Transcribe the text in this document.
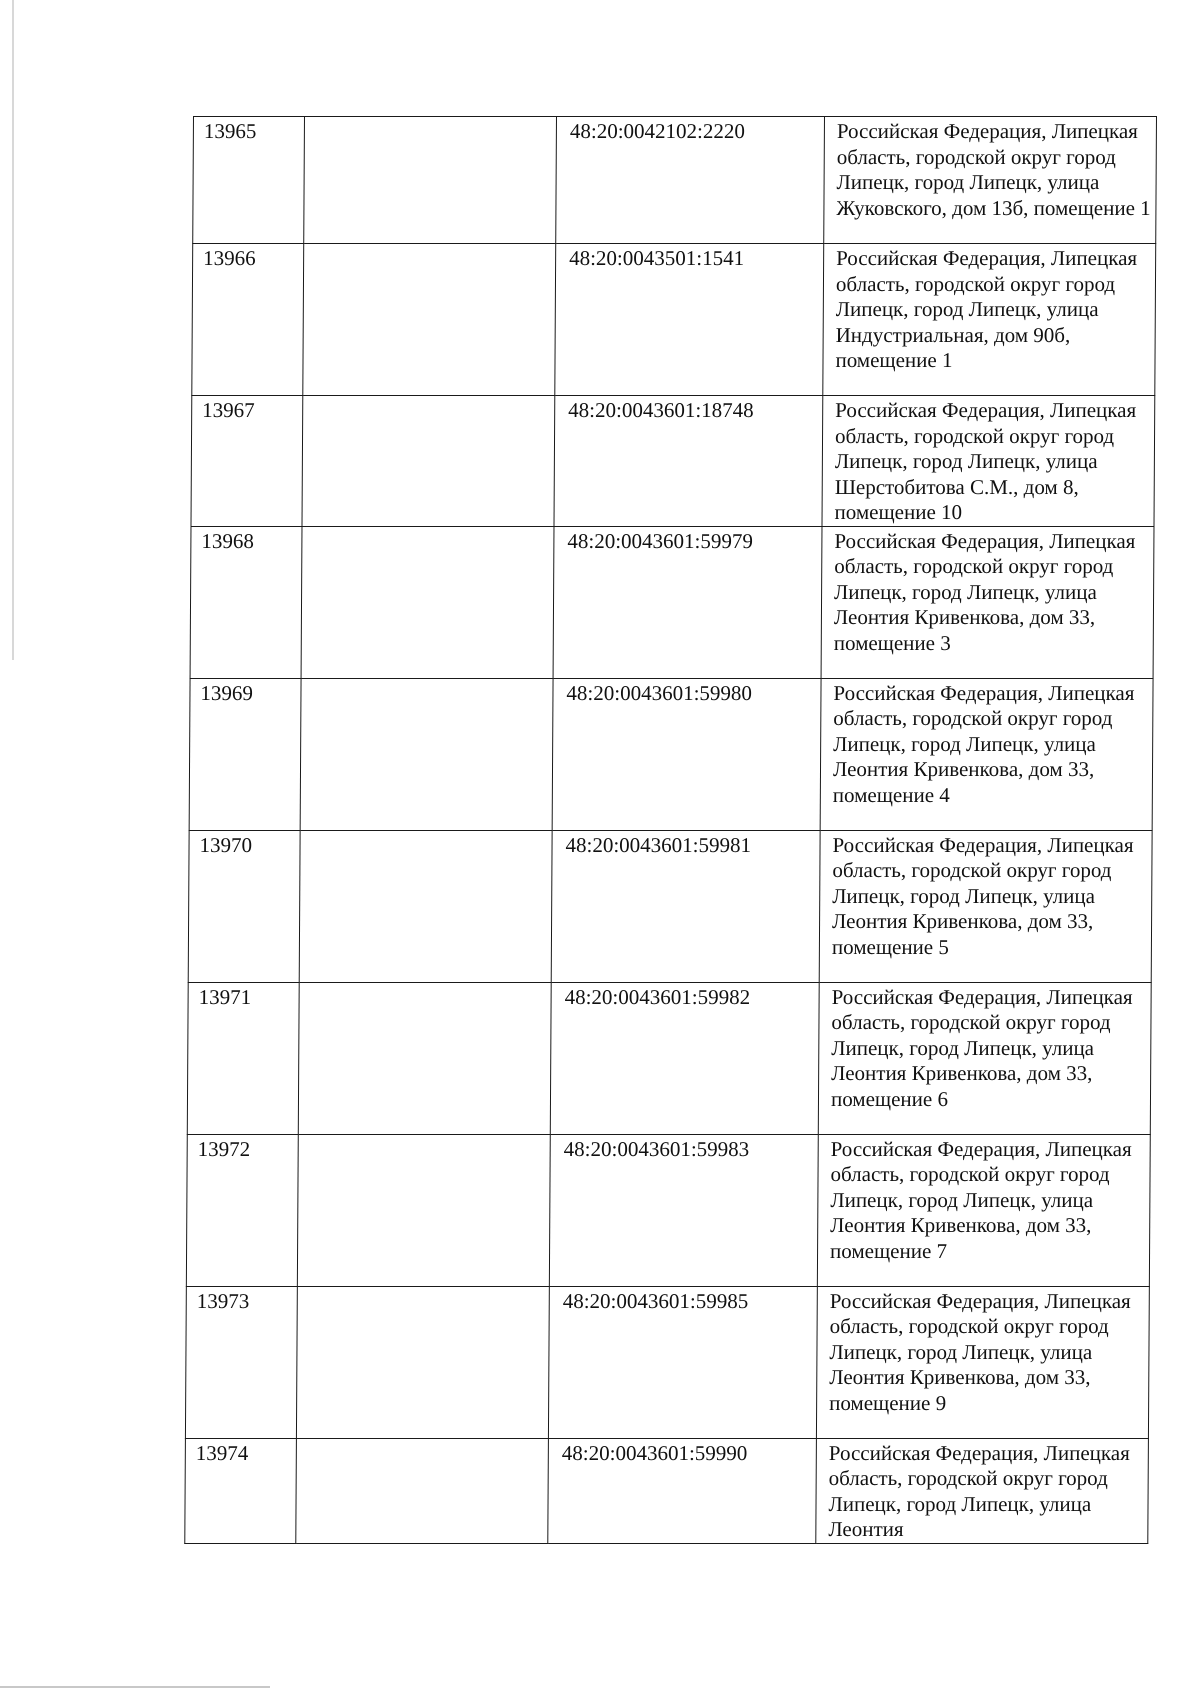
13965		48:20:0042102:2220	Российская Федерация, Липецкая область, городской округ город Липецк, город Липецк, улица Жуковского, дом 13б, помещение 1

13966		48:20:0043501:1541	Российская Федерация, Липецкая область, городской округ город Липецк, город Липецк, улица Индустриальная, дом 90б, помещение 1

13967		48:20:0043601:18748	Российская Федерация, Липецкая область, городской округ город Липецк, город Липецк, улица Шерстобитова С.М., дом 8, помещение 10

13968		48:20:0043601:59979	Российская Федерация, Липецкая область, городской округ город Липецк, город Липецк, улица Леонтия Кривенкова, дом 33, помещение 3

13969		48:20:0043601:59980	Российская Федерация, Липецкая область, городской округ город Липецк, город Липецк, улица Леонтия Кривенкова, дом 33, помещение 4

13970		48:20:0043601:59981	Российская Федерация, Липецкая область, городской округ город Липецк, город Липецк, улица Леонтия Кривенкова, дом 33, помещение 5

13971		48:20:0043601:59982	Российская Федерация, Липецкая область, городской округ город Липецк, город Липецк, улица Леонтия Кривенкова, дом 33, помещение 6

13972		48:20:0043601:59983	Российская Федерация, Липецкая область, городской округ город Липецк, город Липецк, улица Леонтия Кривенкова, дом 33, помещение 7

13973		48:20:0043601:59985	Российская Федерация, Липецкая область, городской округ город Липецк, город Липецк, улица Леонтия Кривенкова, дом 33, помещение 9

13974		48:20:0043601:59990	Российская Федерация, Липецкая область, городской округ город Липецк, город Липецк, улица Леонтия
